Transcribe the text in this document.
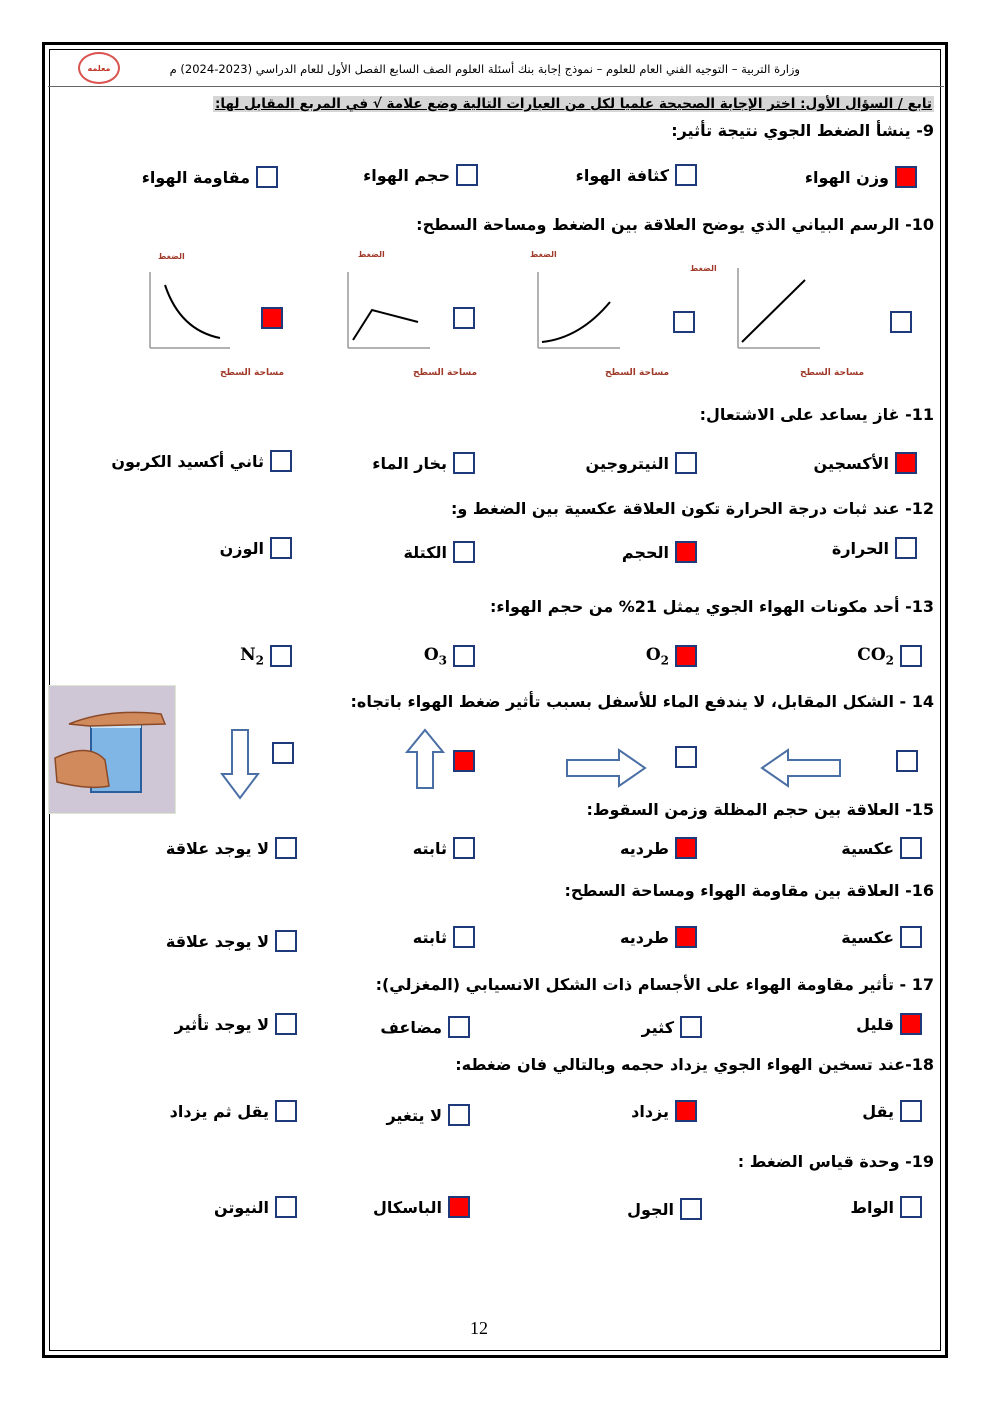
معلمه	وزارة التربية – التوجيه الفني العام للعلوم – نموذج إجابة بنك أسئلة العلوم الصف السابع الفصل الأول للعام الدراسي (2023-2024) م
تابع / السؤال الأول: اختر الإجابة الصحيحة علميا لكل من العبارات التالية وضع علامة √ في المربع المقابل لها:
9- ينشأ الضغط الجوي نتيجة تأثير:
وزن الهواء
كثافة الهواء
حجم الهواء
مقاومة الهواء
10- الرسم البياني الذي يوضح العلاقة بين الضغط ومساحة السطح:
الضغط	الضغط	الضغط
الضغط
مساحة السطح	مساحة السطح	مساحة السطح	مساحة السطح
11- غاز يساعد على الاشتعال:
الأكسجين
النيتروجين
بخار الماء
ثاني أكسيد الكربون
12- عند ثبات درجة الحرارة تكون العلاقة عكسية بين الضغط و:
الحرارة
الحجم
الكتلة
الوزن
13- أحد مكونات الهواء الجوي يمثل 21% من حجم الهواء:
$CO_2$
$O_2$
$O_3$
$N_2$
14 - الشكل المقابل، لا يندفع الماء للأسفل بسبب تأثير ضغط الهواء باتجاه:
15- العلاقة بين حجم المظلة وزمن السقوط:
عكسية
طرديه
ثابته
لا يوجد علاقة
16- العلاقة بين مقاومة الهواء ومساحة السطح:
عكسية
طرديه
ثابته
لا يوجد علاقة
17 - تأثير مقاومة الهواء على الأجسام ذات الشكل الانسيابي (المغزلي):
قليل
كثير
مضاعف
لا يوجد تأثير
18-عند تسخين الهواء الجوي يزداد حجمه وبالتالي فان ضغطه:
يقل
يزداد
لا يتغير
يقل ثم يزداد
19- وحدة قياس الضغط :
الواط
الجول
الباسكال
النيوتن
12
